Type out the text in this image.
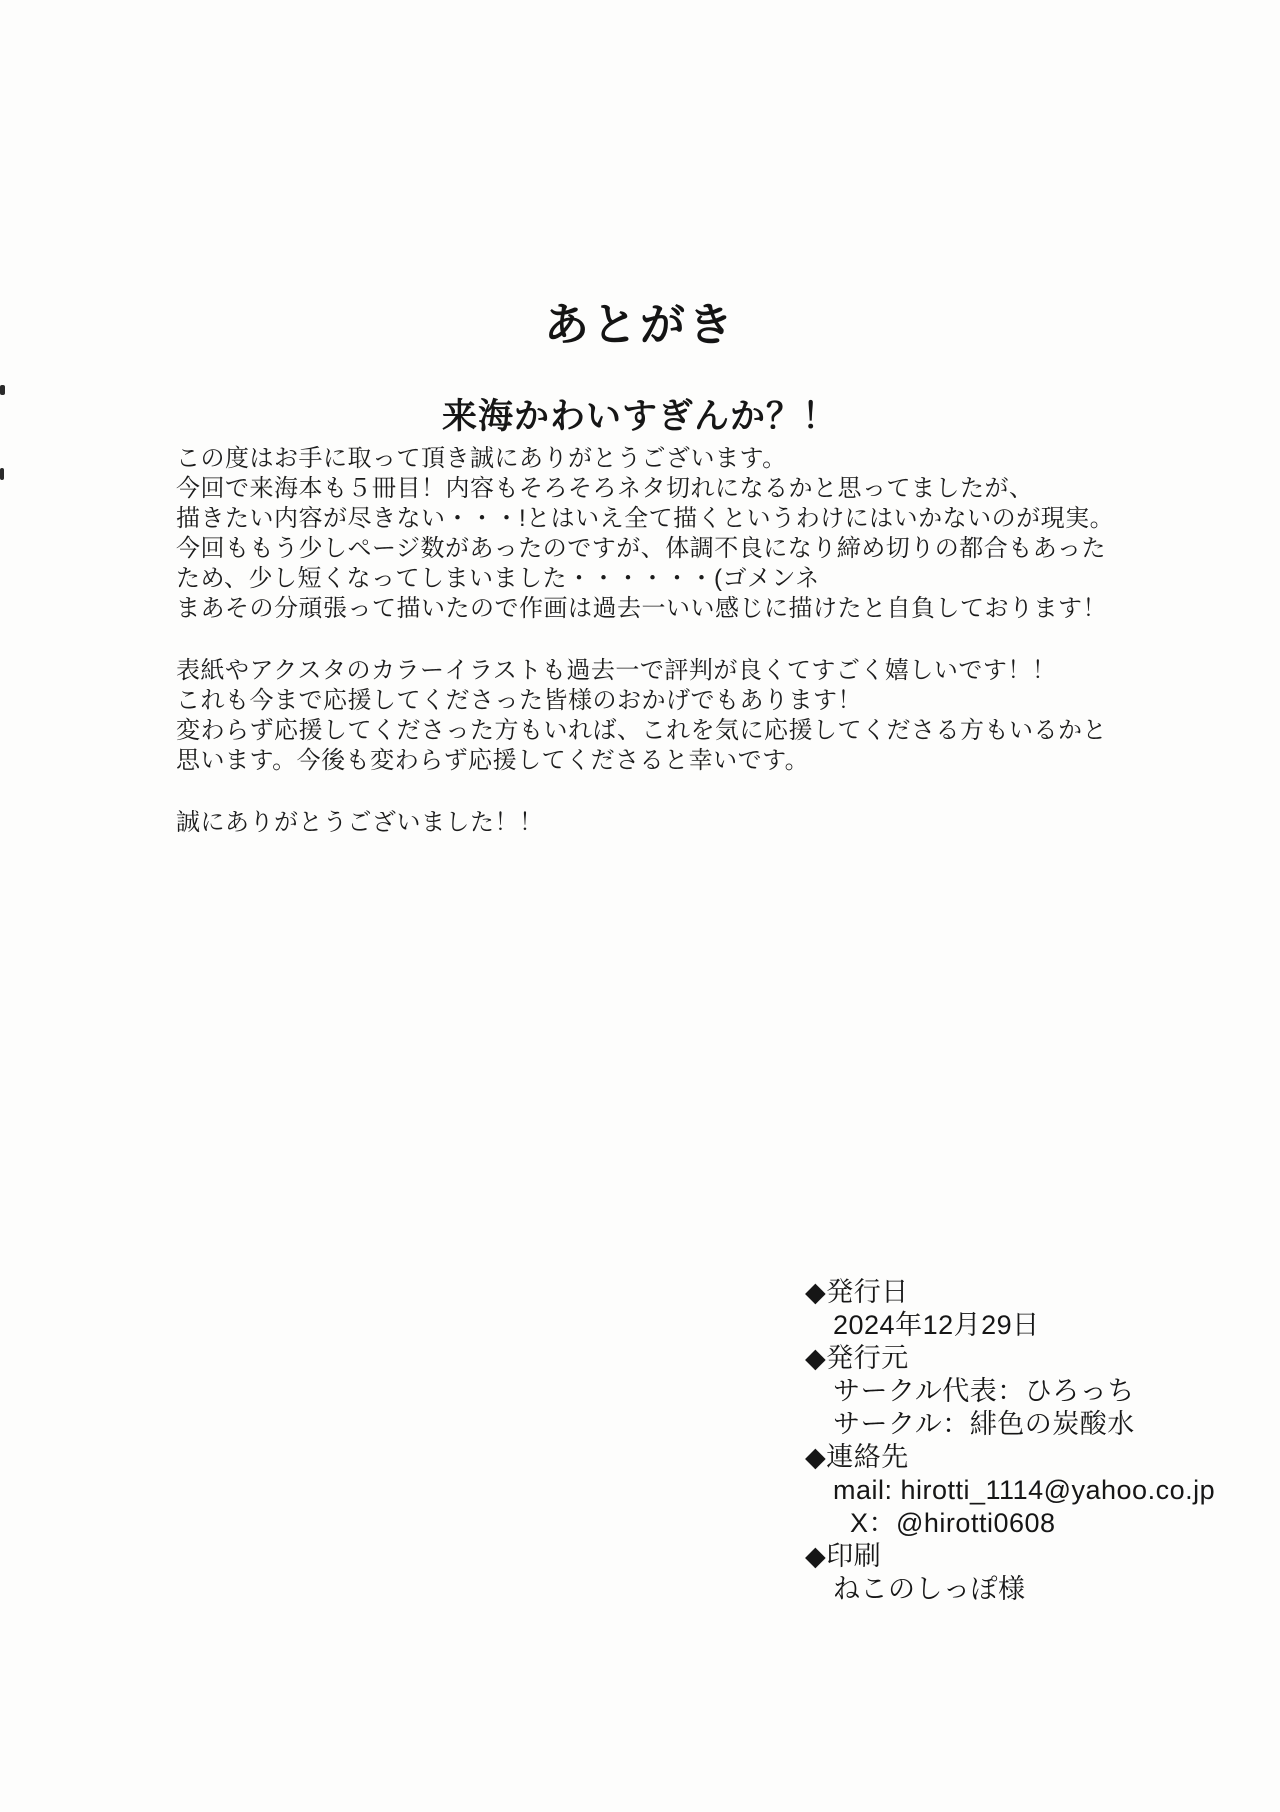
あとがき
来海かわいすぎんか？！
この度はお手に取って頂き誠にありがとうございます。
今回で来海本も５冊目！内容もそろそろネタ切れになるかと思ってましたが、
描きたい内容が尽きない・・・!とはいえ全て描くというわけにはいかないのが現実。
今回ももう少しページ数があったのですが、体調不良になり締め切りの都合もあった
ため、少し短くなってしまいました・・・・・・(ゴメンネ
まあその分頑張って描いたので作画は過去一いい感じに描けたと自負しております！
表紙やアクスタのカラーイラストも過去一で評判が良くてすごく嬉しいです！！
これも今まで応援してくださった皆様のおかげでもあります！
変わらず応援してくださった方もいれば、これを気に応援してくださる方もいるかと
思います。今後も変わらず応援してくださると幸いです。
誠にありがとうございました！！
◆発行日
2024年12月29日
◆発行元
サークル代表：ひろっち
サークル：緋色の炭酸水
◆連絡先
mail: hirotti_1114@yahoo.co.jp
X：@hirotti0608
◆印刷
ねこのしっぽ様
